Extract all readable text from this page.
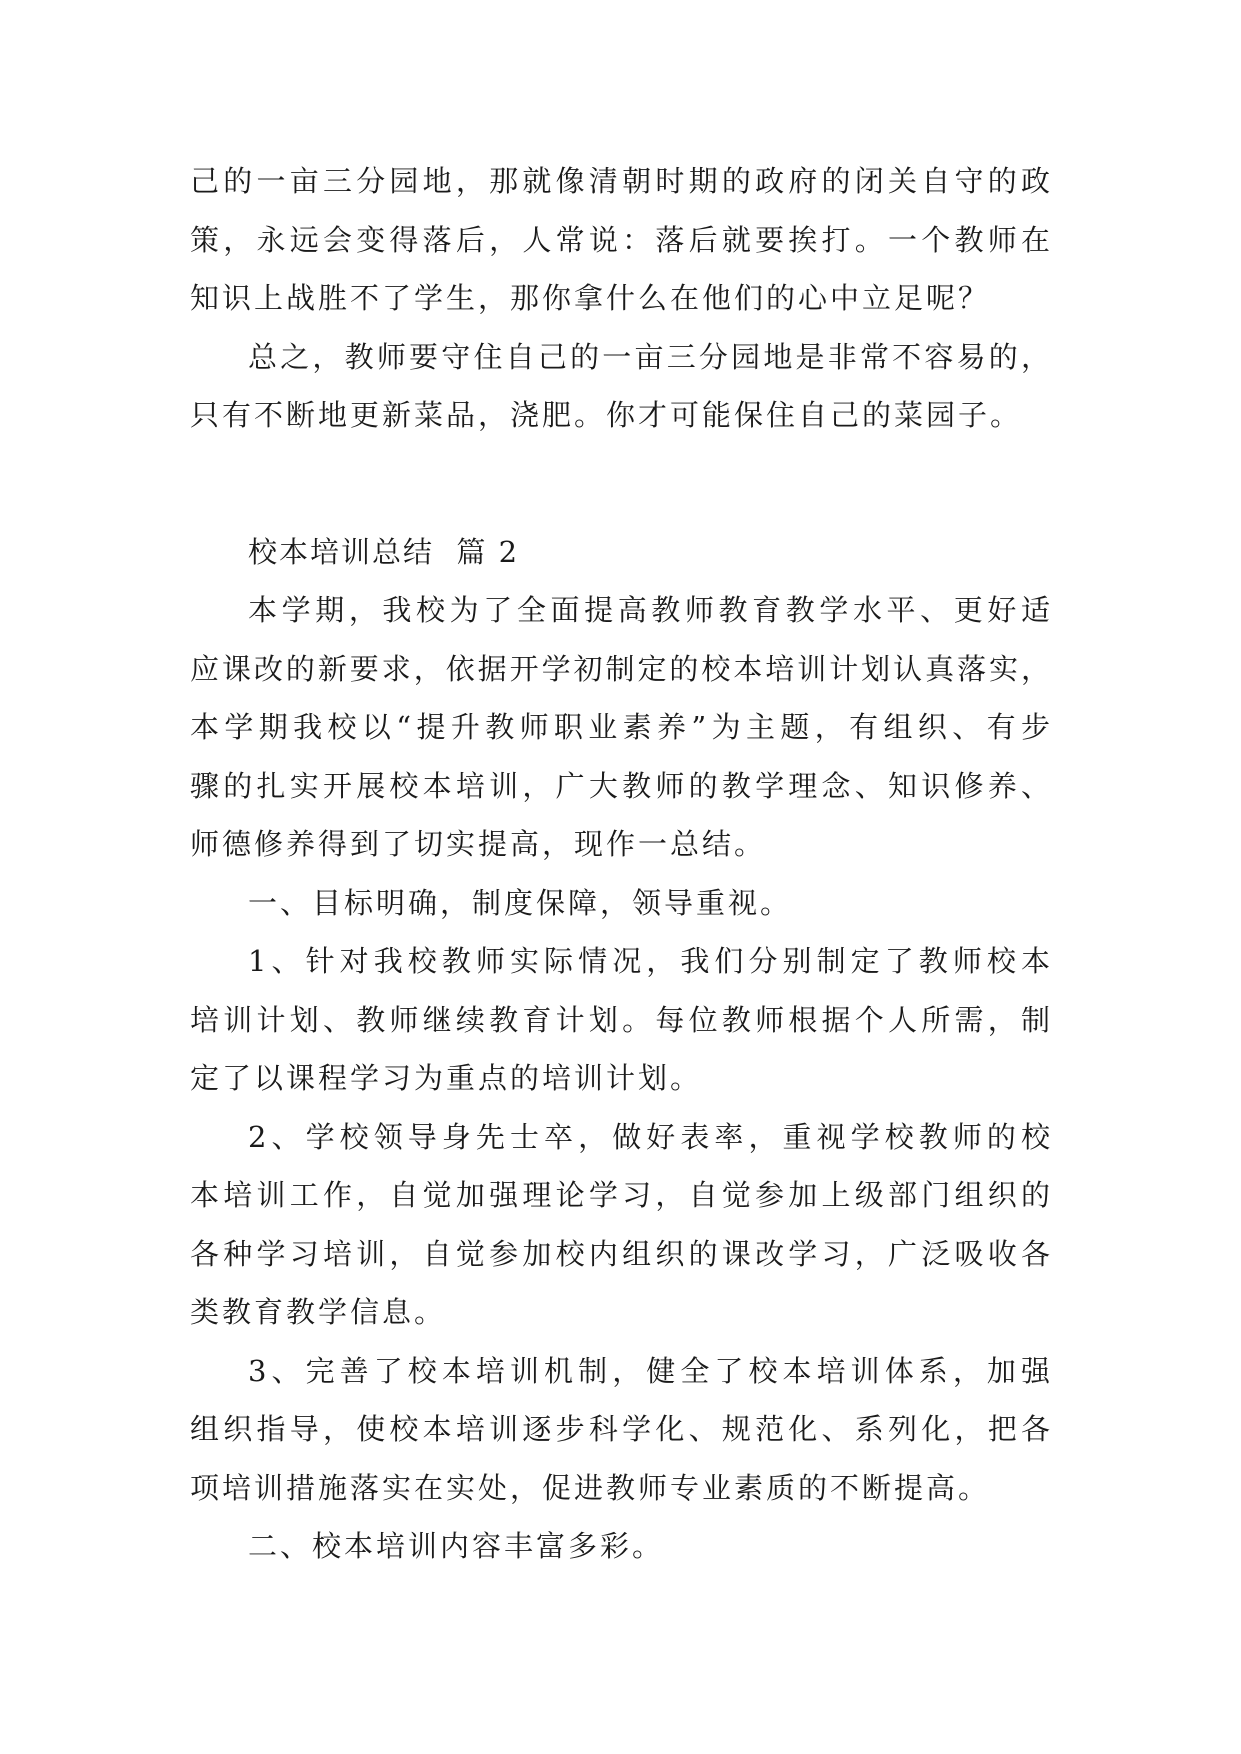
己的一亩三分园地，那就像清朝时期的政府的闭关自守的政
策，永远会变得落后，人常说：落后就要挨打。一个教师在
知识上战胜不了学生，那你拿什么在他们的心中立足呢？
总之，教师要守住自己的一亩三分园地是非常不容易的，
只有不断地更新菜品，浇肥。你才可能保住自己的菜园子。
校本培训总结  篇 2
本学期，我校为了全面提高教师教育教学水平、更好适
应课改的新要求，依据开学初制定的校本培训计划认真落实，
本学期我校以“提升教师职业素养”为主题，有组织、有步
骤的扎实开展校本培训，广大教师的教学理念、知识修养、
师德修养得到了切实提高，现作一总结。
一、目标明确，制度保障，领导重视。
1、针对我校教师实际情况，我们分别制定了教师校本
培训计划、教师继续教育计划。每位教师根据个人所需，制
定了以课程学习为重点的培训计划。
2、学校领导身先士卒，做好表率，重视学校教师的校
本培训工作，自觉加强理论学习，自觉参加上级部门组织的
各种学习培训，自觉参加校内组织的课改学习，广泛吸收各
类教育教学信息。
3、完善了校本培训机制，健全了校本培训体系，加强
组织指导，使校本培训逐步科学化、规范化、系列化，把各
项培训措施落实在实处，促进教师专业素质的不断提高。
二、校本培训内容丰富多彩。
